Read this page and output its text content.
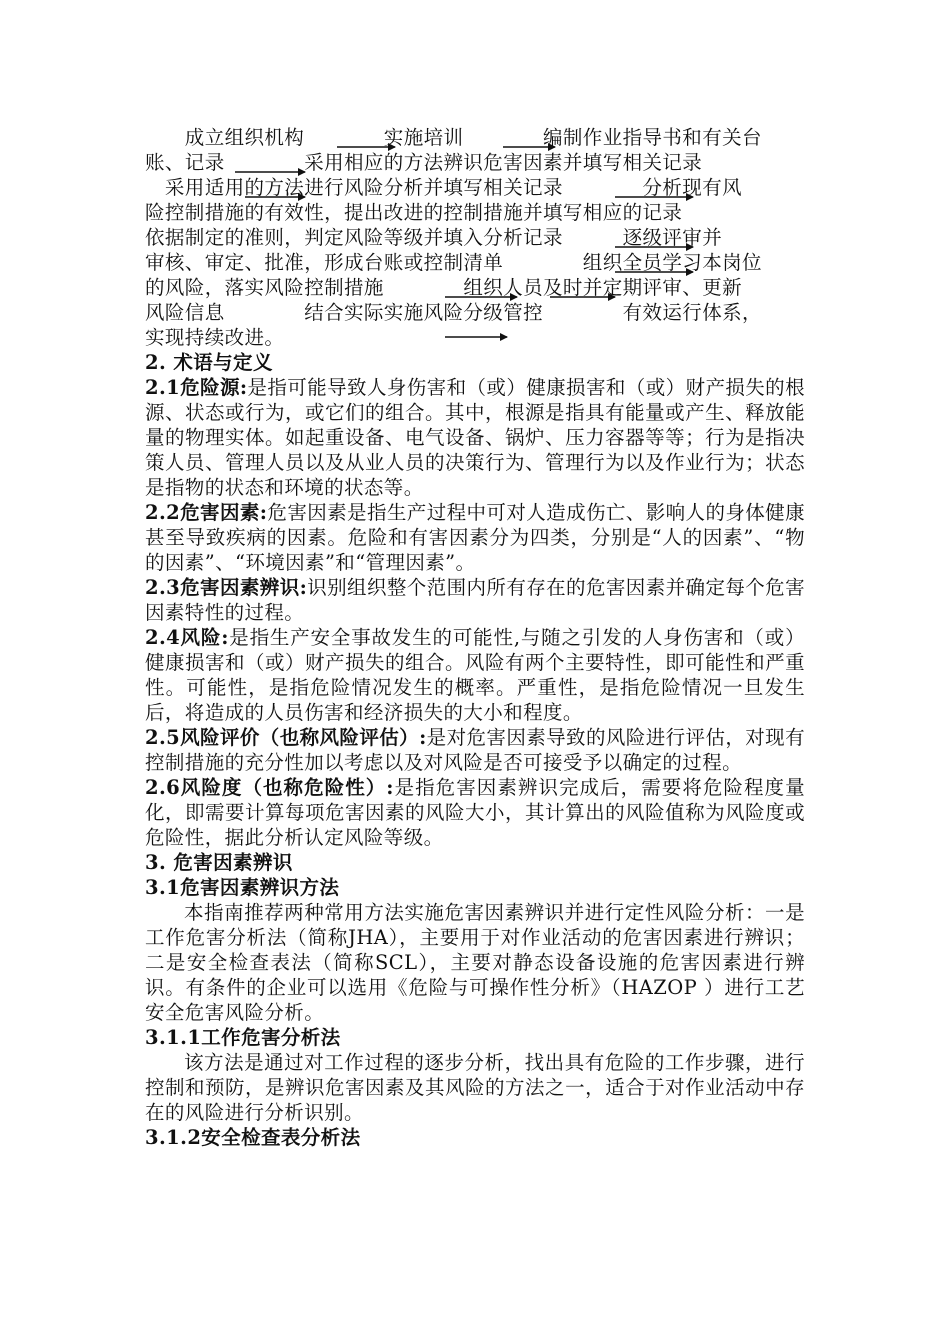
　　成立组织机构　　　　实施培训　　　　编制作业指导书和有关台

账、记录　　　　采用相应的方法辨识危害因素并填写相关记录

　采用适用的方法进行风险分析并填写相关记录　　　　分析现有风

险控制措施的有效性，提出改进的控制措施并填写相应的记录

依据制定的准则，判定风险等级并填入分析记录　　　逐级评审并

审核、审定、批准，形成台账或控制清单　　　　组织全员学习本岗位

的风险，落实风险控制措施　　　　组织人员及时并定期评审、更新

风险信息　　　　结合实际实施风险分级管控　　　　有效运行体系，

实现持续改进。

2. 术语与定义

2.1危险源:是指可能导致人身伤害和（或）健康损害和（或）财产损失的根源、状态或行为，或它们的组合。其中，根源是指具有能量或产生、释放能量的物理实体。如起重设备、电气设备、锅炉、压力容器等等；行为是指决策人员、管理人员以及从业人员的决策行为、管理行为以及作业行为；状态是指物的状态和环境的状态等。

2.2危害因素:危害因素是指生产过程中可对人造成伤亡、影响人的身体健康甚至导致疾病的因素。危险和有害因素分为四类，分别是“人的因素”、“物的因素”、“环境因素”和“管理因素”。

2.3危害因素辨识:识别组织整个范围内所有存在的危害因素并确定每个危害因素特性的过程。

2.4风险:是指生产安全事故发生的可能性,与随之引发的人身伤害和（或）健康损害和（或）财产损失的组合。风险有两个主要特性，即可能性和严重性。可能性，是指危险情况发生的概率。严重性，是指危险情况一旦发生后，将造成的人员伤害和经济损失的大小和程度。

2.5风险评价（也称风险评估）:是对危害因素导致的风险进行评估，对现有控制措施的充分性加以考虑以及对风险是否可接受予以确定的过程。

2.6风险度（也称危险性）:是指危害因素辨识完成后，需要将危险程度量化，即需要计算每项危害因素的风险大小，其计算出的风险值称为风险度或危险性，据此分析认定风险等级。

3. 危害因素辨识

3.1危害因素辨识方法

本指南推荐两种常用方法实施危害因素辨识并进行定性风险分析：一是工作危害分析法（简称JHA），主要用于对作业活动的危害因素进行辨识；二是安全检查表法（简称SCL），主要对静态设备设施的危害因素进行辨识。有条件的企业可以选用《危险与可操作性分析》（HAZOP ）进行工艺安全危害风险分析。

3.1.1工作危害分析法

该方法是通过对工作过程的逐步分析，找出具有危险的工作步骤，进行控制和预防，是辨识危害因素及其风险的方法之一，适合于对作业活动中存在的风险进行分析识别。

3.1.2安全检查表分析法
